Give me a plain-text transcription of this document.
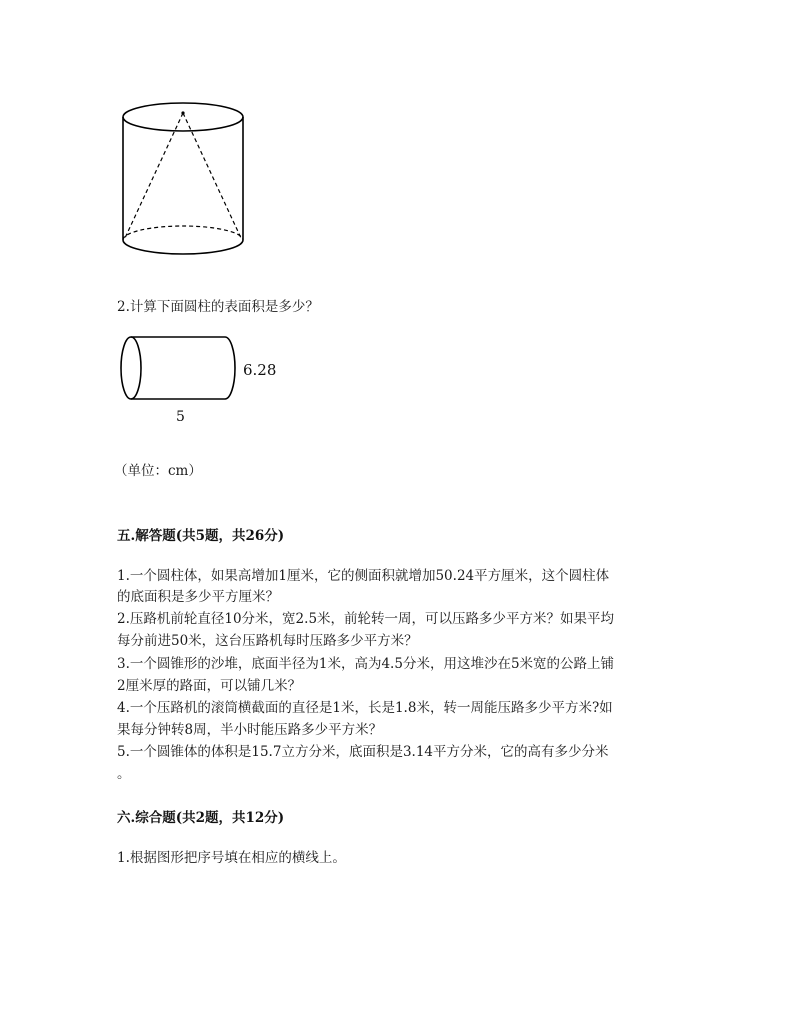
2.计算下面圆柱的表面积是多少？
6.28
5
（单位：cm）
五.解答题(共5题，共26分)
1.一个圆柱体，如果高增加1厘米，它的侧面积就增加50.24平方厘米，这个圆柱体
的底面积是多少平方厘米？
2.压路机前轮直径10分米，宽2.5米，前轮转一周，可以压路多少平方米？如果平均
每分前进50米，这台压路机每时压路多少平方米？
3.一个圆锥形的沙堆，底面半径为1米，高为4.5分米，用这堆沙在5米宽的公路上铺
2厘米厚的路面，可以铺几米？
4.一个压路机的滚筒横截面的直径是1米，长是1.8米，转一周能压路多少平方米?如
果每分钟转8周，半小时能压路多少平方米？
5.一个圆锥体的体积是15.7立方分米，底面积是3.14平方分米，它的高有多少分米
。
六.综合题(共2题，共12分)
1.根据图形把序号填在相应的横线上。
